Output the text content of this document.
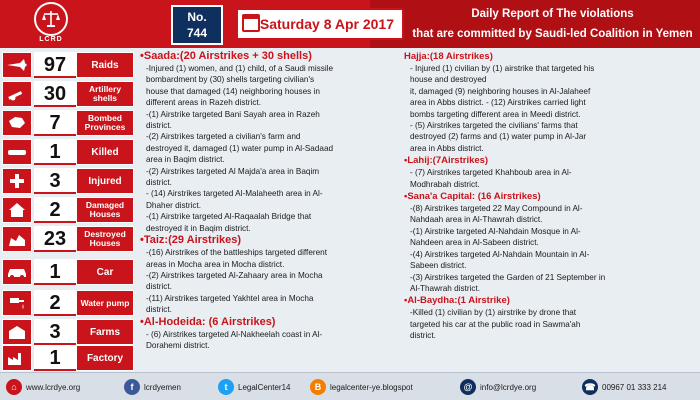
LCRD
No.
744
Saturday 8 Apr 2017
Daily Report of The violations
that are committed by Saudi-led Coalition in Yemen
97	Raids
30	Artillery shells
7	Bombed Provinces
1	Killed
3	Injured
2	Damaged Houses
23	Destroyed Houses
1	Car
2	Water pump
3	Farms
1	Factory
•Saada:(20 Airstrikes + 30 shells)
-Injured (1) women, and (1) child, of a Saudi missile
bombardment by (30) shells targeting civilian's
house that damaged (14) neighboring houses in
different areas in Razeh district.
-(1) Airstrike targeted Bani Sayah area in Razeh
district.
-(2) Airstrikes targeted a civilian's farm and
destroyed it, damaged (1) water pump in Al-Sadaad
area in Baqim district.
-(2) Airstrikes targeted Al Majda'a area in Baqim
district.
- (14) Airstrikes targeted Al-Malaheeth area in Al-
Dhaher district.
-(1) Airstrike targeted Al-Raqaalah Bridge that
destroyed it in Baqim district.
•Taiz:(29 Airstrikes)
-(16) Airstrikes of the battleships targeted different
areas in Mocha area in Mocha district.
-(2) Airstrikes targeted Al-Zahaary area in Mocha
district.
-(11) Airstrikes targeted Yakhtel area in Mocha
district.
•Al-Hodeida: (6 Airstrikes)
- (6) Airstrikes targeted Al-Nakheelah coast in Al-
Dorahemi district.
Hajja:(18 Airstrikes)
- Injured (1) civilian by (1) airstrike that targeted his
house and destroyed
it, damaged (9) neighboring houses in Al-Jalaheef
area in Abbs district. - (12) Airstrikes carried light
bombs targeting different area in Meedi district.
- (5) Airstrikes targeted the civilians' farms that
destroyed (2) farms and (1) water pump in Al-Jar
area in Abbs district.
•Lahij:(7Airstrikes)
- (7) Airstrikes targeted Khahboub area in Al-
Modhrabah district.
•Sana'a Capital: (16 Airstrikes)
-(8) Airstrikes targeted 22 May Compound in Al-
Nahdaah area in Al-Thawrah district.
-(1) Airstrike targeted Al-Nahdain Mosque in Al-
Nahdeen area in Al-Sabeen district.
-(4) Airstrikes targeted Al-Nahdain Mountain in Al-
Sabeen district.
-(3) Airstrikes targeted the Garden of 21 September in
Al-Thawrah district.
•Al-Baydha:(1 Airstrike)
-Killed (1) civilian by (1) airstrike by drone that
targeted his car at the public road in Sawma'ah
district.
⌂	www.lcrdye.org	f	lcrdyemen	t	LegalCenter14	B	legalcenter-ye.blogspot	@ info@lcrdye.org	☎ 00967 01 333 214
